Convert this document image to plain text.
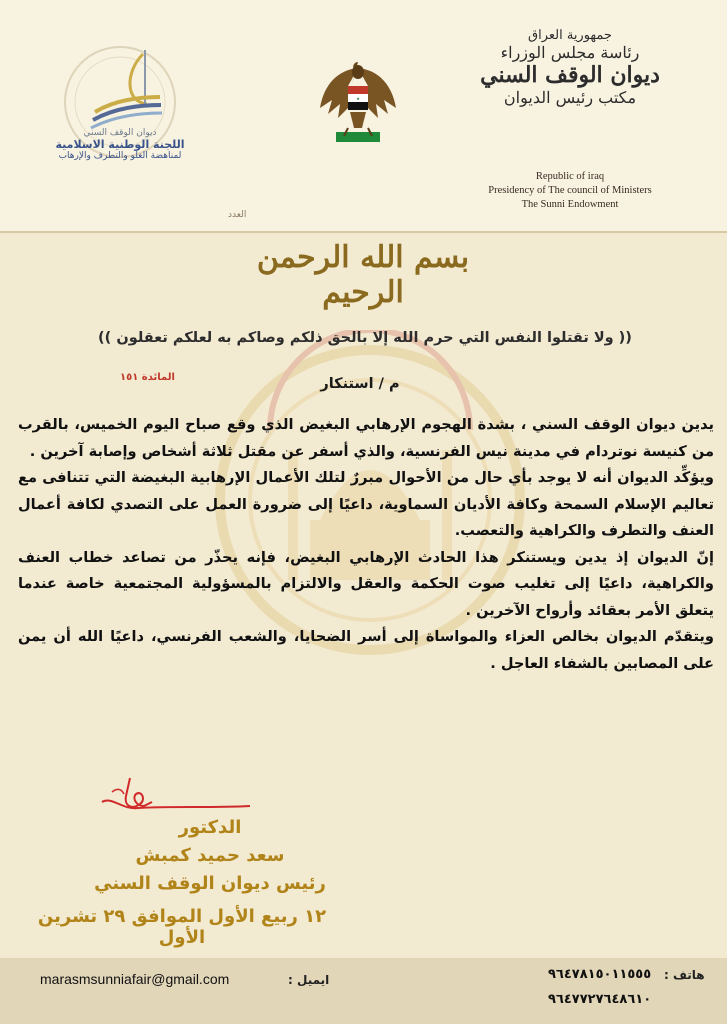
ديوان الوقف السني
اللجنة الوطنية الاسلامية
لمناهضة الغلو والتطرف والإرهاب
★
جمهورية العراق
رئاسة مجلس الوزراء
ديوان الوقف السني
مكتب رئيس الديوان
Republic of iraq
Presidency of The council of Ministers
The Sunni Endowment
العدد
بسم الله الرحمن الرحيم
(( ولا تقتلوا النفس التي حرم الله إلا بالحق ذلكم وصاكم به لعلكم تعقلون ))
المائدة ١٥١	م / استنكار

يدين ديوان الوقف السني ، بشدة الهجوم الإرهابي البغيض الذي وقع صباح اليوم الخميس، بالقرب من كنيسة نوتردام في مدينة نيس الفرنسية، والذي أسفر عن مقتل ثلاثة أشخاص وإصابة آخرين .

ويؤكِّد الديوان أنه لا يوجد بأي حال من الأحوال مبررٌ لتلك الأعمال الإرهابية البغيضة التي تتنافى مع تعاليم الإسلام السمحة وكافة الأديان السماوية، داعيًا إلى ضرورة العمل على التصدي لكافة أعمال العنف والتطرف والكراهية والتعصب.

إنّ الديوان إذ يدين ويستنكر هذا الحادث الإرهابي البغيض، فإنه يحذّر من تصاعد خطاب العنف والكراهية، داعيًا إلى تغليب صوت الحكمة والعقل والالتزام بالمسؤولية المجتمعية خاصة عندما يتعلق الأمر بعقائد وأرواح الآخرين .

ويتقدّم الديوان بخالص العزاء والمواساة إلى أسر الضحايا، والشعب الفرنسي، داعيًا الله أن يمن على المصابين بالشفاء العاجل .

الدكتور
سعد حميد كمبش
رئيس ديوان الوقف السني
١٢ ربيع الأول الموافق ٢٩ تشرين الأول
ايميل :
marasmsunniafair@gmail.com	هاتف :
٩٦٤٧٨١٥٠١١٥٥٥
٩٦٤٧٧٢٧٦٤٨٦١٠
